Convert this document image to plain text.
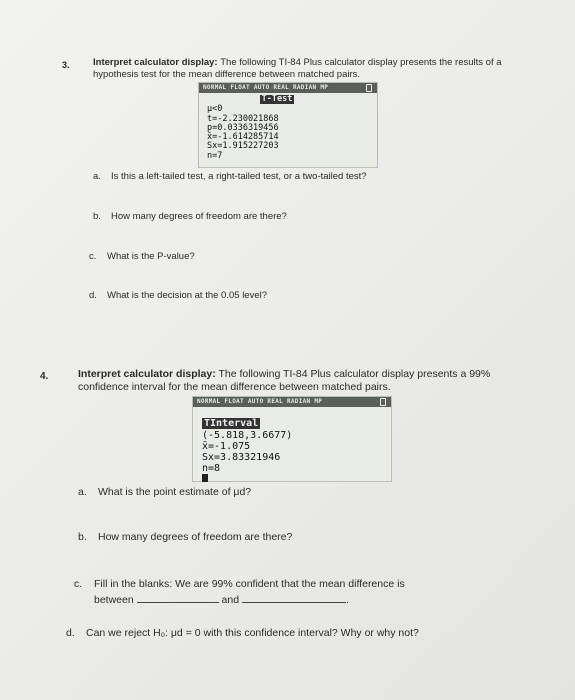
3. Interpret calculator display: The following TI-84 Plus calculator display presents the results of a
hypothesis test for the mean difference between matched pairs.
NORMAL FLOAT AUTO REAL RADIAN MP
T-Test
μ<0
t=-2.230021868
p=0.0336319456
x̄=-1.614285714
Sx=1.915227203
n=7
a. Is this a left-tailed test, a right-tailed test, or a two-tailed test?
b. How many degrees of freedom are there?
c. What is the P-value?
d. What is the decision at the 0.05 level?
4.	Interpret calculator display: The following TI-84 Plus calculator display presents a 99%
confidence interval for the mean difference between matched pairs.
NORMAL FLOAT AUTO REAL RADIAN MP
TInterval
(-5.818,3.6677)
x̄=-1.075
Sx=3.83321946
n=8
a. What is the point estimate of μd?
b. How many degrees of freedom are there?
c. Fill in the blanks: We are 99% confident that the mean difference is
between	and	.
d. Can we reject H₀: μd = 0 with this confidence interval? Why or why not?
